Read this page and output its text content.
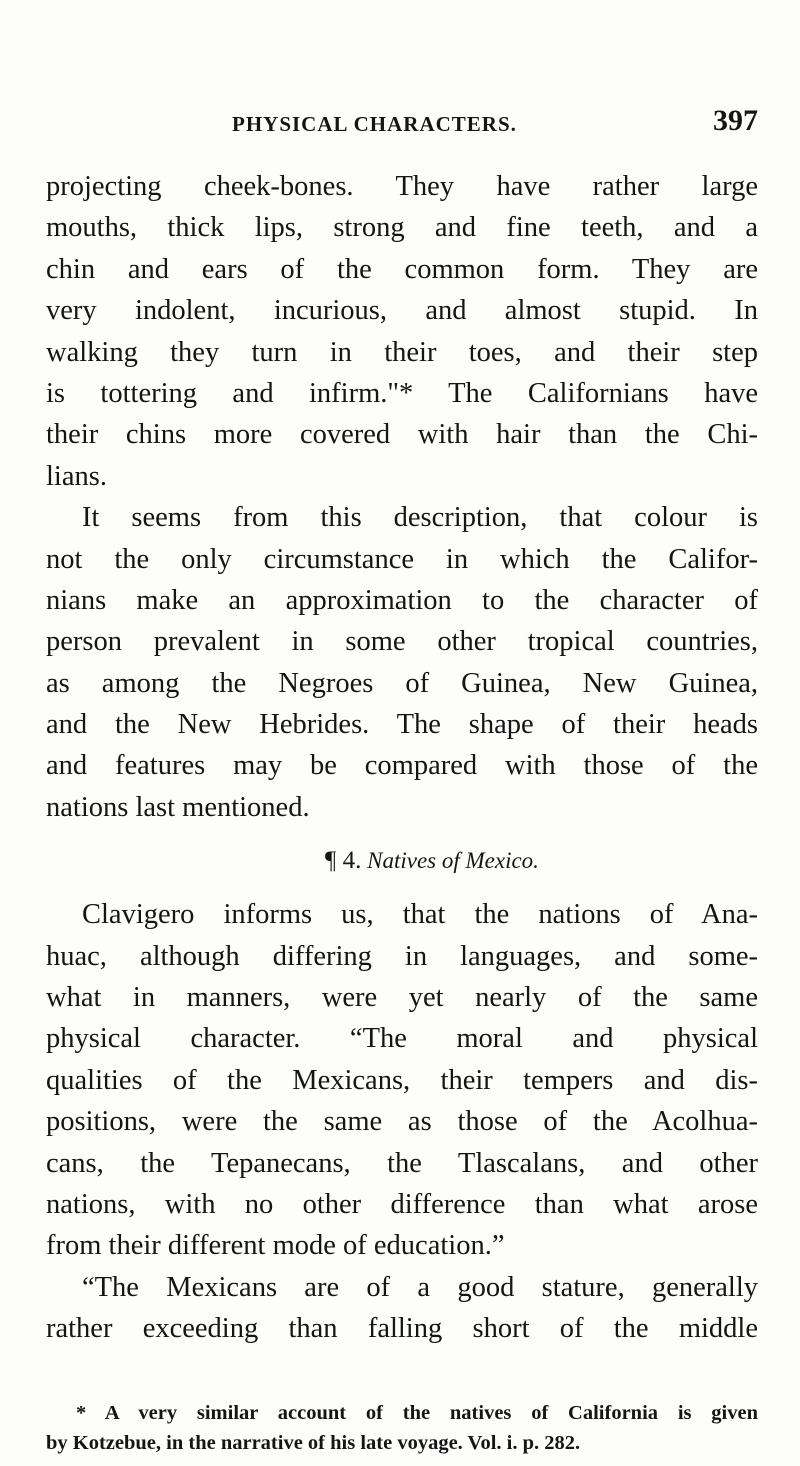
PHYSICAL CHARACTERS.	397
projecting cheek-bones. They have rather large
mouths, thick lips, strong and fine teeth, and a
chin and ears of the common form. They are
very indolent, incurious, and almost stupid. In
walking they turn in their toes, and their step
is tottering and infirm."* The Californians have
their chins more covered with hair than the Chi-
lians.
It seems from this description, that colour is
not the only circumstance in which the Califor-
nians make an approximation to the character of
person prevalent in some other tropical countries,
as among the Negroes of Guinea, New Guinea,
and the New Hebrides. The shape of their heads
and features may be compared with those of the
nations last mentioned.
¶ 4. Natives of Mexico.
Clavigero informs us, that the nations of Ana-
huac, although differing in languages, and some-
what in manners, were yet nearly of the same
physical character. “The moral and physical
qualities of the Mexicans, their tempers and dis-
positions, were the same as those of the Acolhua-
cans, the Tepanecans, the Tlascalans, and other
nations, with no other difference than what arose
from their different mode of education.”
“The Mexicans are of a good stature, generally
rather exceeding than falling short of the middle
* A very similar account of the natives of California is given
by Kotzebue, in the narrative of his late voyage. Vol. i. p. 282.
